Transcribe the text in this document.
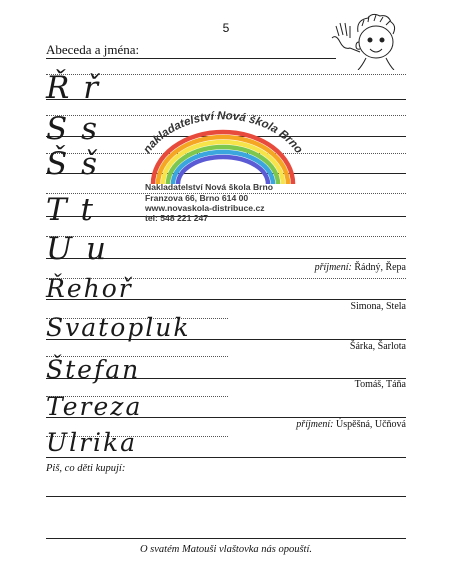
5
Abeceda a jména:
nakladatelství Nová škola Brno
Nakladatelství Nová škola Brno
Franzova 66, Brno 614 00
www.novaskola-distribuce.cz
tel: 548 221 247
Ř ř
S s
Š š
T t
U u
Řehoř
Svatopluk
Štefan
Tereza
Ulrika
příjmení: Řádný, Řepa
Simona, Stela
Šárka, Šarlota
Tomáš, Táňa
příjmení: Úspěšná, Učňová
Piš, co děti kupují:
O svatém Matouši vlaštovka nás opouští.
